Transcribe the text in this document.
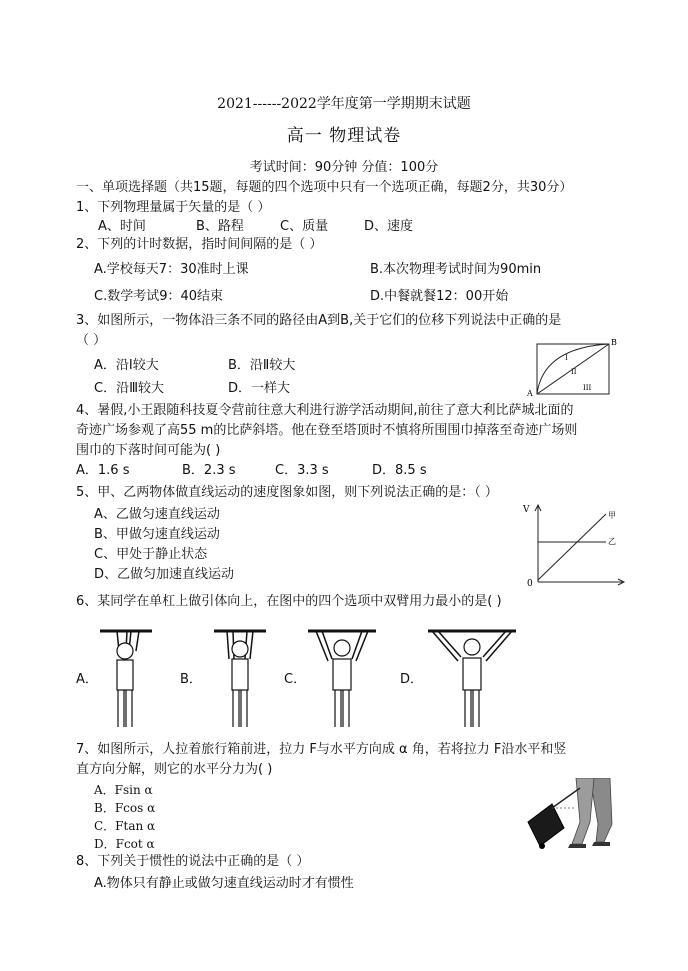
2021------2022学年度第一学期期末试题
高一 物理试卷
考试时间：90分钟 分值：100分
一、单项选择题（共15题，每题的四个选项中只有一个选项正确，每题2分，共30分）
1、下列物理量属于矢量的是（ ）
A、时间	B、路程	C、质量	D、速度
2、下列的计时数据，指时间间隔的是（ ）
A.学校每天7：30准时上课	B.本次物理考试时间为90min
C.数学考试9：40结束	D.中餐就餐12：00开始
3、如图所示，一物体沿三条不同的路径由A到B,关于它们的位移下列说法中正确的是
（ ）
A．沿Ⅰ较大	B．沿Ⅱ较大
C．沿Ⅲ较大	D．一样大	A
B
I
II
III
4、暑假,小王跟随科技夏令营前往意大利进行游学活动期间,前往了意大利比萨城北面的
奇迹广场参观了高55 m的比萨斜塔。他在登至塔顶时不慎将所围围巾掉落至奇迹广场则
围巾的下落时间可能为( )
A．1.6 s	B．2.3 s	C．3.3 s	D．8.5 s
5、甲、乙两物体做直线运动的速度图象如图，则下列说法正确的是：（ ）
A、乙做匀速直线运动
B、甲做匀速直线运动
C、甲处于静止状态
D、乙做匀加速直线运动
V
0
甲
乙
6、某同学在单杠上做引体向上，在图中的四个选项中双臂用力最小的是( )
A．	B．	C．	D．
7、如图所示，人拉着旅行箱前进，拉力 F与水平方向成 α 角，若将拉力 F沿水平和竖
直方向分解，则它的水平分力为( )
A．Fsin α
B．Fcos α
C．Ftan α
D．Fcot α
8、下列关于惯性的说法中正确的是（ ）
A.物体只有静止或做匀速直线运动时才有惯性
